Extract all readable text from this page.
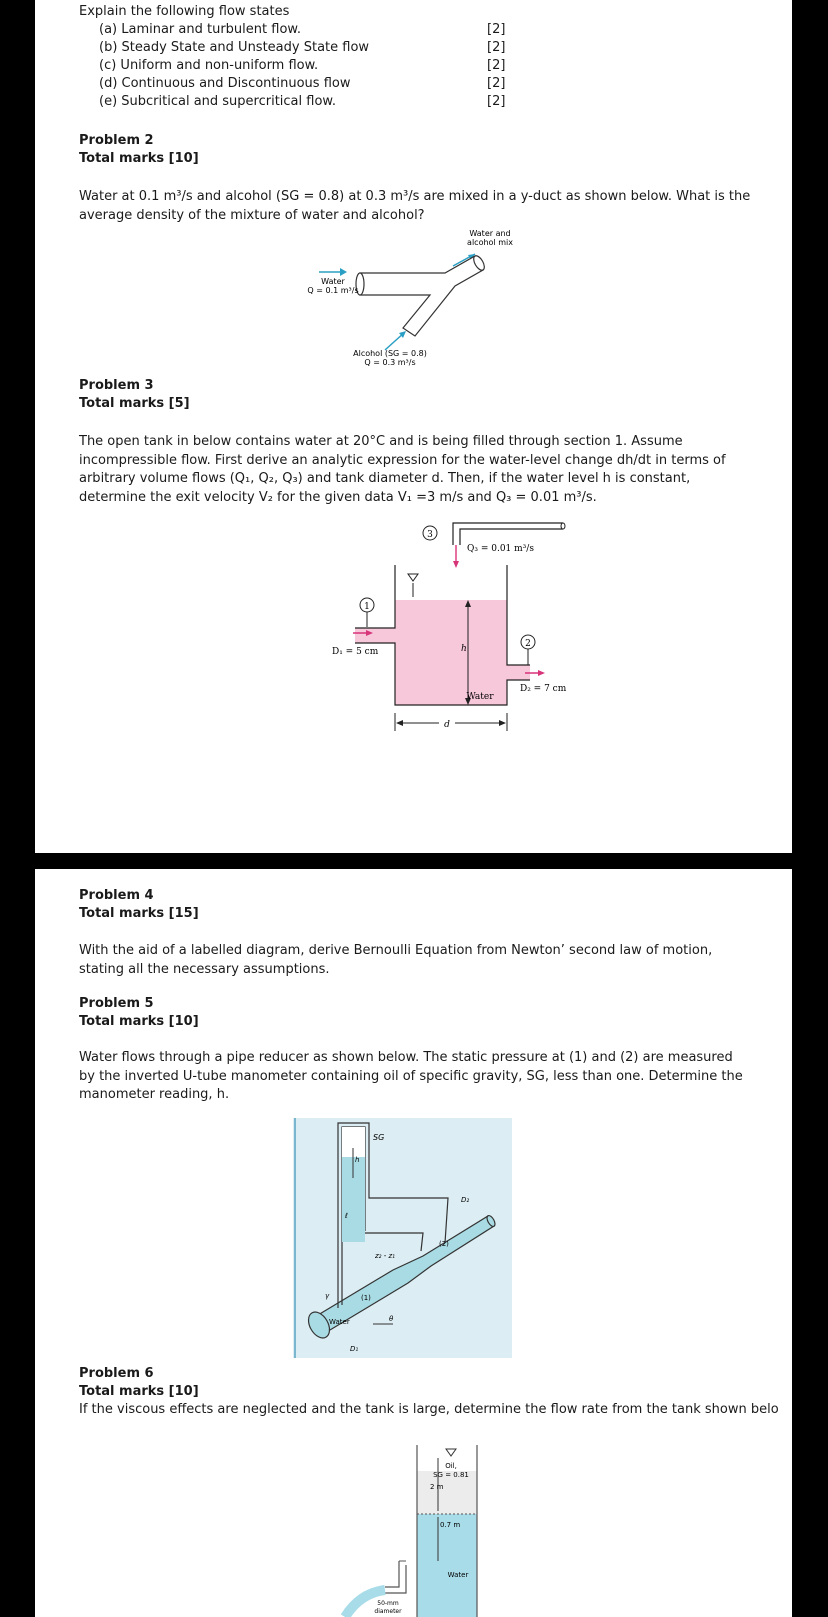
Explain the following flow states
(a) Laminar and turbulent flow.
(b) Steady State and Unsteady State flow
(c) Uniform and non-uniform flow.
(d) Continuous and Discontinuous flow
(e) Subcritical and supercritical flow.
[2]
[2]
[2]
[2]
[2]
Problem 2
Total marks [10]
Water at 0.1 m³/s and alcohol (SG = 0.8) at 0.3 m³/s are mixed in a y-duct as shown below. What is the average density of the mixture of water and alcohol?
Water and
alcohol mix
Water
Q = 0.1 m³/s
Alcohol (SG = 0.8)
Q = 0.3 m³/s
Problem 3
Total marks [5]
The open tank in below contains water at 20°C and is being filled through section 1. Assume incompressible flow. First derive an analytic expression for the water-level change dh/dt in terms of arbitrary volume flows (Q₁, Q₂, Q₃) and tank diameter d. Then, if the water level h is constant, determine the exit velocity V₂ for the given data V₁ =3 m/s and Q₃ = 0.01 m³/s.
3
Q₃ = 0.01 m³/s
1
D₁ = 5 cm
2
D₂ = 7 cm
h
Water
d
Problem 4
Total marks [15]
With the aid of a labelled diagram, derive Bernoulli Equation from Newton’ second law of motion, stating all the necessary assumptions.
Problem 5
Total marks [10]
Water flows through a pipe reducer as shown below. The static pressure at (1) and (2) are measured by the inverted U-tube manometer containing oil of specific gravity, SG, less than one. Determine the manometer reading, h.
SG
h
ℓ
D₂
(2)
z₂ - z₁
(1)
γ
Water	θ
D₁
Problem 6
Total marks [10]
If the viscous effects are neglected and the tank is large, determine the flow rate from the tank shown belo
Oil,
SG = 0.81
2 m
0.7 m
Water
50-mm
diameter
